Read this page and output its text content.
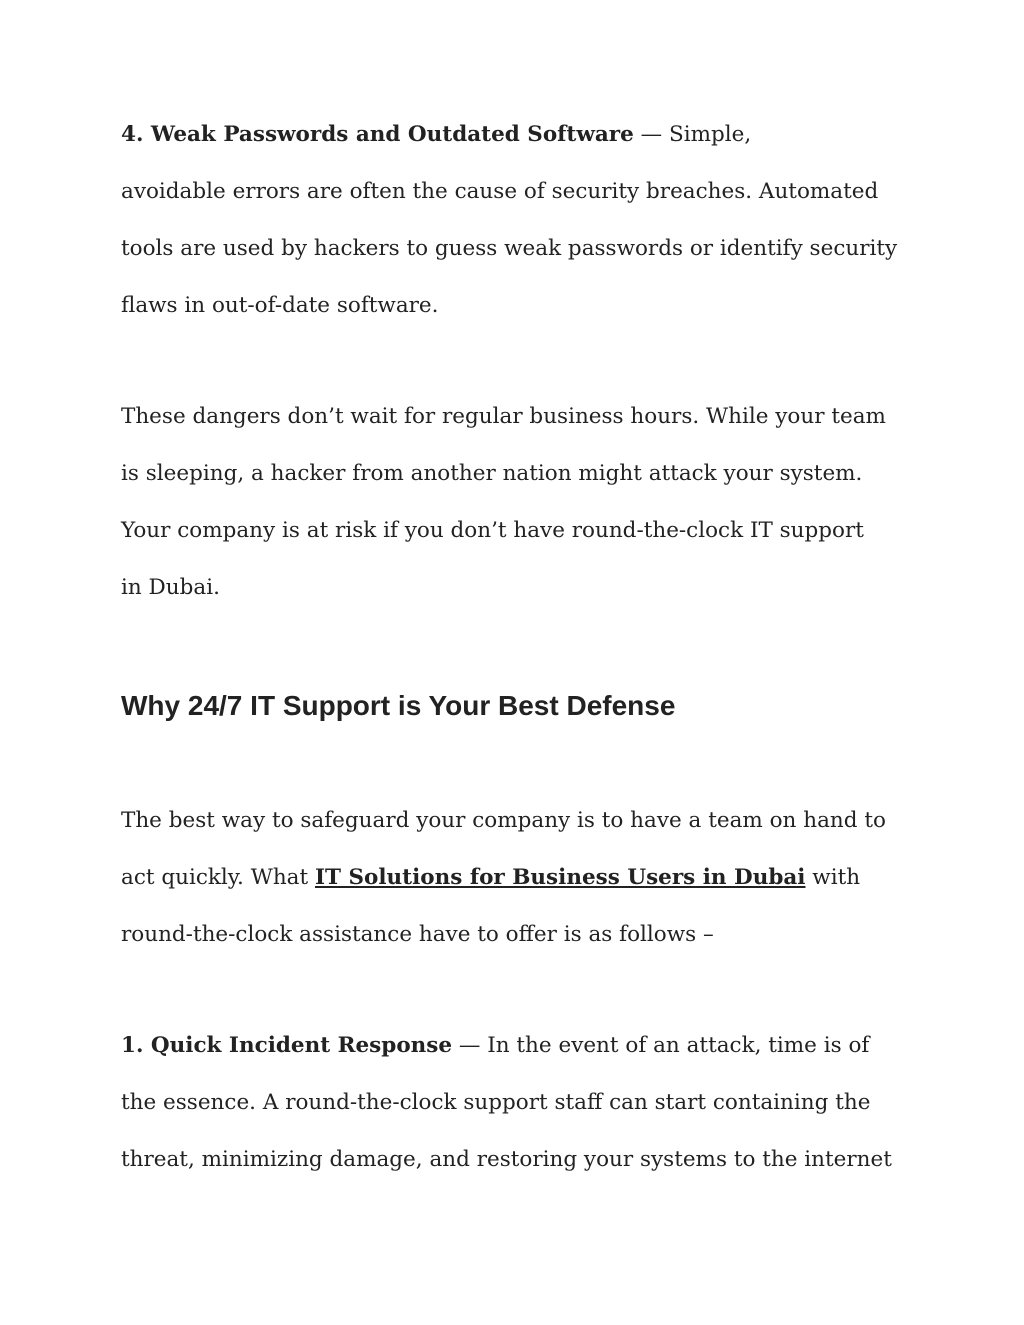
4. Weak Passwords and Outdated Software — Simple,
avoidable errors are often the cause of security breaches. Automated
tools are used by hackers to guess weak passwords or identify security
flaws in out-of-date software.
These dangers don’t wait for regular business hours. While your team
is sleeping, a hacker from another nation might attack your system.
Your company is at risk if you don’t have round-the-clock IT support
in Dubai.
Why 24/7 IT Support is Your Best Defense
The best way to safeguard your company is to have a team on hand to
act quickly. What IT Solutions for Business Users in Dubai with
round-the-clock assistance have to offer is as follows –
1. Quick Incident Response — In the event of an attack, time is of
the essence. A round-the-clock support staff can start containing the
threat, minimizing damage, and restoring your systems to the internet
